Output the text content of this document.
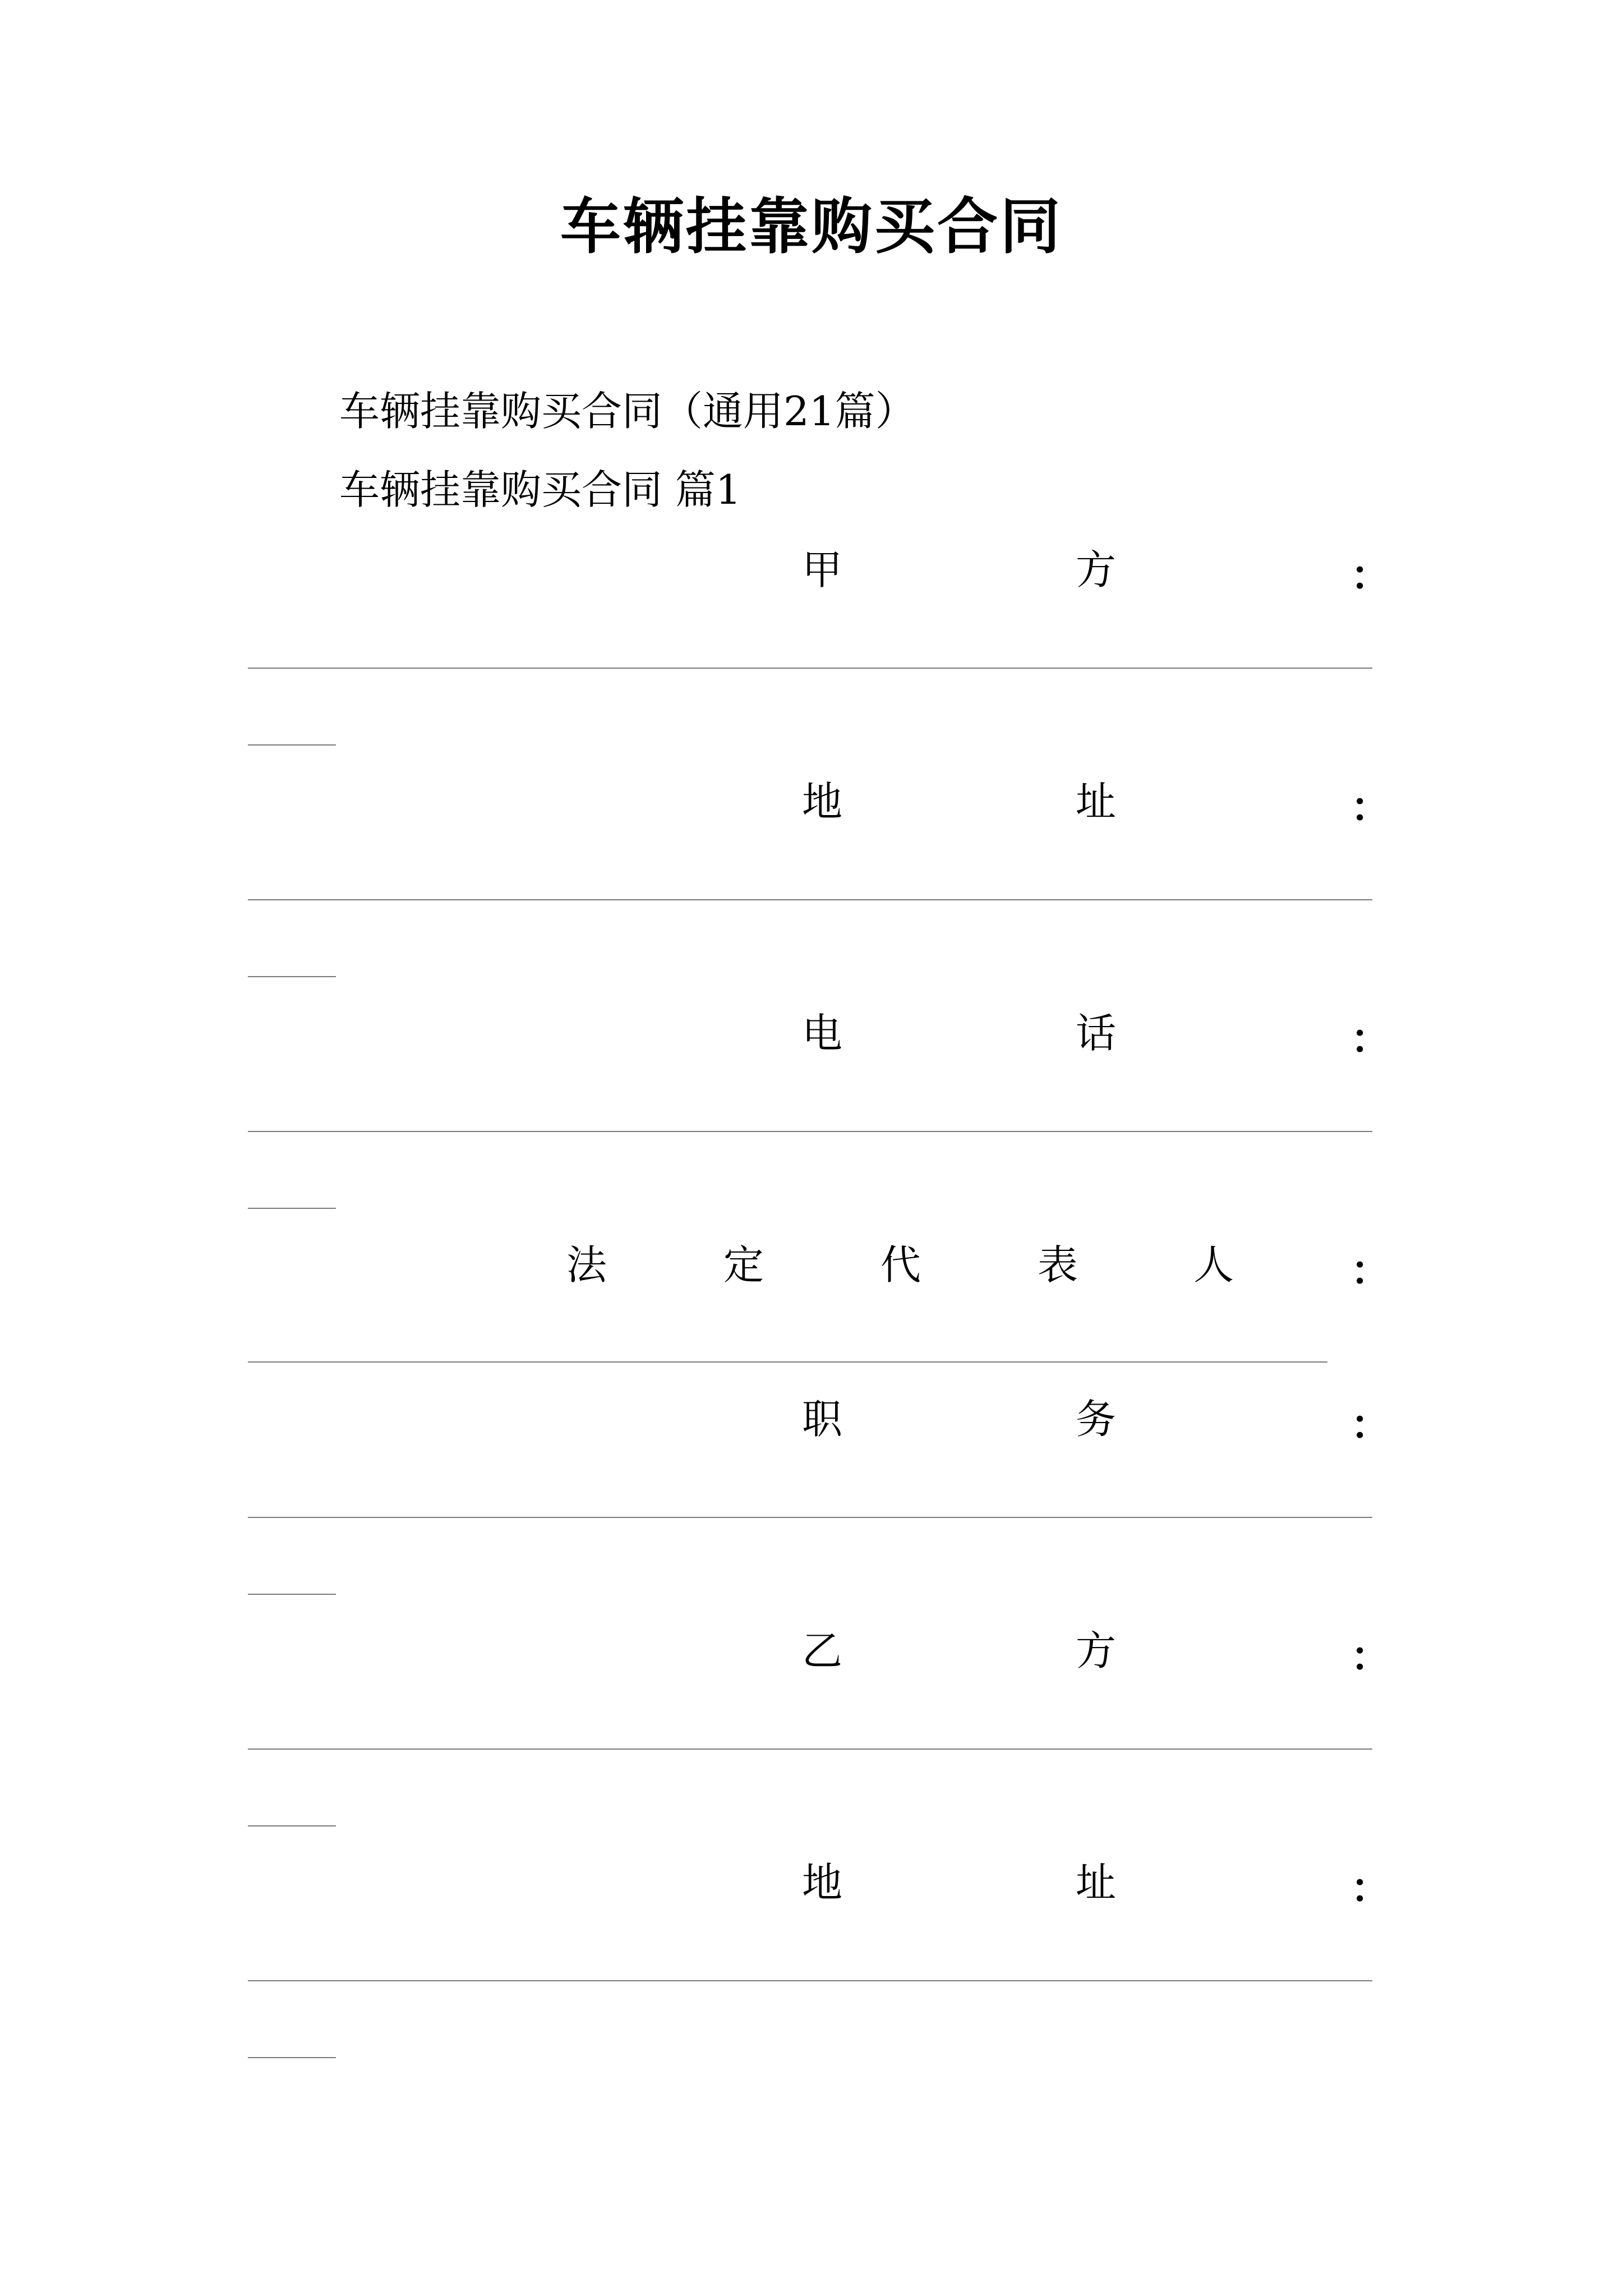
车辆挂靠购买合同
车辆挂靠购买合同（通用21篇）
车辆挂靠购买合同 篇1
甲	方	：
地	址	：
电	话	：
法	定	代	表	人	：
职	务	：
乙	方	：
地	址	：
